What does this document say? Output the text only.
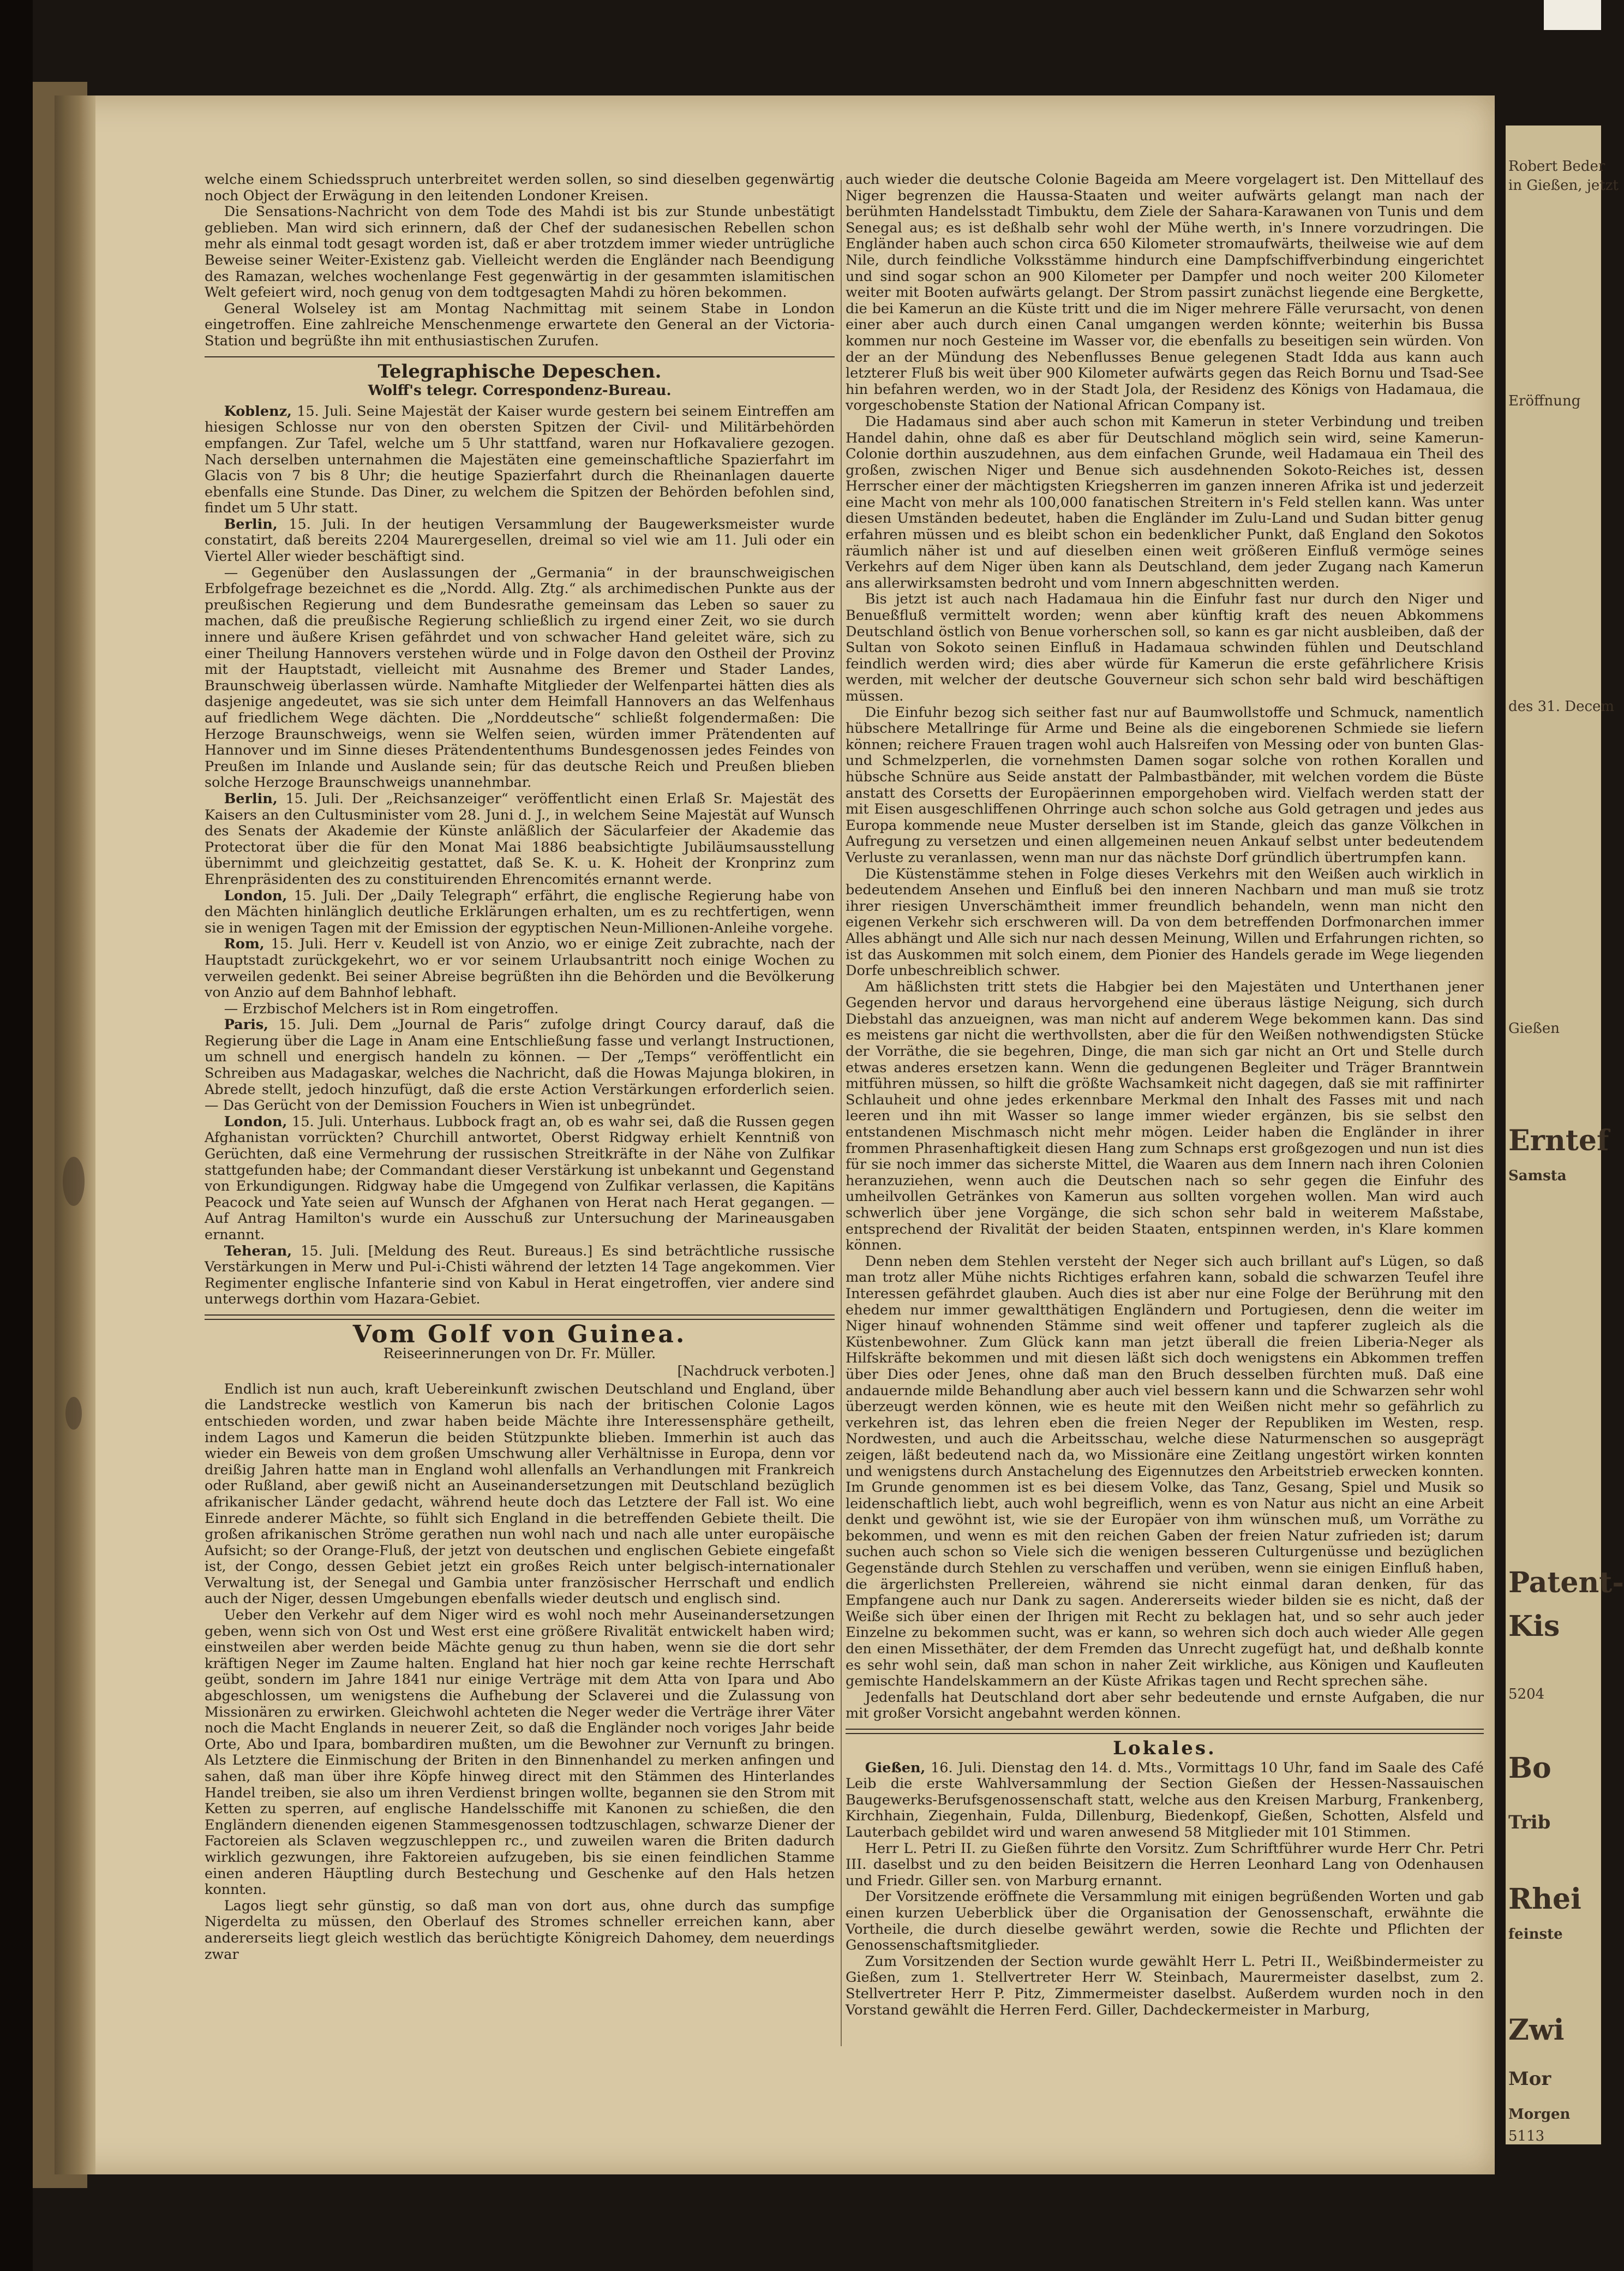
welche einem Schiedsspruch unterbreitet werden sollen, so sind dieselben gegenwärtig noch Object der Erwägung in den leitenden Londoner Kreisen.

Die Sensations-Nachricht von dem Tode des Mahdi ist bis zur Stunde unbestätigt geblieben. Man wird sich erinnern, daß der Chef der sudanesischen Rebellen schon mehr als einmal todt gesagt worden ist, daß er aber trotzdem immer wieder untrügliche Beweise seiner Weiter-Existenz gab. Vielleicht werden die Engländer nach Beendigung des Ramazan, welches wochenlange Fest gegenwärtig in der gesammten islamitischen Welt gefeiert wird, noch genug von dem todtgesagten Mahdi zu hören bekommen.

General Wolseley ist am Montag Nachmittag mit seinem Stabe in London eingetroffen. Eine zahlreiche Menschenmenge erwartete den General an der Victoria-Station und begrüßte ihn mit enthusiastischen Zurufen.

Telegraphische Depeschen.
Wolff's telegr. Correspondenz-Bureau.

Koblenz, 15. Juli. Seine Majestät der Kaiser wurde gestern bei seinem Eintreffen am hiesigen Schlosse nur von den obersten Spitzen der Civil- und Militärbehörden empfangen. Zur Tafel, welche um 5 Uhr stattfand, waren nur Hofkavaliere gezogen. Nach derselben unternahmen die Majestäten eine gemeinschaftliche Spazierfahrt im Glacis von 7 bis 8 Uhr; die heutige Spazierfahrt durch die Rheinanlagen dauerte ebenfalls eine Stunde. Das Diner, zu welchem die Spitzen der Behörden befohlen sind, findet um 5 Uhr statt.

Berlin, 15. Juli. In der heutigen Versammlung der Baugewerksmeister wurde constatirt, daß bereits 2204 Maurergesellen, dreimal so viel wie am 11. Juli oder ein Viertel Aller wieder beschäftigt sind.

— Gegenüber den Auslassungen der „Germania“ in der braunschweigischen Erbfolgefrage bezeichnet es die „Nordd. Allg. Ztg.“ als archimedischen Punkte aus der preußischen Regierung und dem Bundesrathe gemeinsam das Leben so sauer zu machen, daß die preußische Regierung schließlich zu irgend einer Zeit, wo sie durch innere und äußere Krisen gefährdet und von schwacher Hand geleitet wäre, sich zu einer Theilung Hannovers verstehen würde und in Folge davon den Ostheil der Provinz mit der Hauptstadt, vielleicht mit Ausnahme des Bremer und Stader Landes, Braunschweig überlassen würde. Namhafte Mitglieder der Welfenpartei hätten dies als dasjenige angedeutet, was sie sich unter dem Heimfall Hannovers an das Welfenhaus auf friedlichem Wege dächten. Die „Norddeutsche“ schließt folgendermaßen: Die Herzoge Braunschweigs, wenn sie Welfen seien, würden immer Prätendenten auf Hannover und im Sinne dieses Prätendententhums Bundesgenossen jedes Feindes von Preußen im Inlande und Auslande sein; für das deutsche Reich und Preußen blieben solche Herzoge Braunschweigs unannehmbar.

Berlin, 15. Juli. Der „Reichsanzeiger“ veröffentlicht einen Erlaß Sr. Majestät des Kaisers an den Cultusminister vom 28. Juni d. J., in welchem Seine Majestät auf Wunsch des Senats der Akademie der Künste anläßlich der Säcularfeier der Akademie das Protectorat über die für den Monat Mai 1886 beabsichtigte Jubiläumsausstellung übernimmt und gleichzeitig gestattet, daß Se. K. u. K. Hoheit der Kronprinz zum Ehrenpräsidenten des zu constituirenden Ehrencomités ernannt werde.

London, 15. Juli. Der „Daily Telegraph“ erfährt, die englische Regierung habe von den Mächten hinlänglich deutliche Erklärungen erhalten, um es zu rechtfertigen, wenn sie in wenigen Tagen mit der Emission der egyptischen Neun-Millionen-Anleihe vorgehe.

Rom, 15. Juli. Herr v. Keudell ist von Anzio, wo er einige Zeit zubrachte, nach der Hauptstadt zurückgekehrt, wo er vor seinem Urlaubsantritt noch einige Wochen zu verweilen gedenkt. Bei seiner Abreise begrüßten ihn die Behörden und die Bevölkerung von Anzio auf dem Bahnhof lebhaft.

— Erzbischof Melchers ist in Rom eingetroffen.

Paris, 15. Juli. Dem „Journal de Paris“ zufolge dringt Courcy darauf, daß die Regierung über die Lage in Anam eine Entschließung fasse und verlangt Instructionen, um schnell und energisch handeln zu können. — Der „Temps“ veröffentlicht ein Schreiben aus Madagaskar, welches die Nachricht, daß die Howas Majunga blokiren, in Abrede stellt, jedoch hinzufügt, daß die erste Action Verstärkungen erforderlich seien. — Das Gerücht von der Demission Fouchers in Wien ist unbegründet.

London, 15. Juli. Unterhaus. Lubbock fragt an, ob es wahr sei, daß die Russen gegen Afghanistan vorrückten? Churchill antwortet, Oberst Ridgway erhielt Kenntniß von Gerüchten, daß eine Vermehrung der russischen Streitkräfte in der Nähe von Zulfikar stattgefunden habe; der Commandant dieser Verstärkung ist unbekannt und Gegenstand von Erkundigungen. Ridgway habe die Umgegend von Zulfikar verlassen, die Kapitäns Peacock und Yate seien auf Wunsch der Afghanen von Herat nach Herat gegangen. — Auf Antrag Hamilton's wurde ein Ausschuß zur Untersuchung der Marineausgaben ernannt.

Teheran, 15. Juli. [Meldung des Reut. Bureaus.] Es sind beträchtliche russische Verstärkungen in Merw und Pul-i-Chisti während der letzten 14 Tage angekommen. Vier Regimenter englische Infanterie sind von Kabul in Herat eingetroffen, vier andere sind unterwegs dorthin vom Hazara-Gebiet.

Vom Golf von Guinea.
Reiseerinnerungen von Dr. Fr. Müller.
[Nachdruck verboten.]

Endlich ist nun auch, kraft Uebereinkunft zwischen Deutschland und England, über die Landstrecke westlich von Kamerun bis nach der britischen Colonie Lagos entschieden worden, und zwar haben beide Mächte ihre Interessensphäre getheilt, indem Lagos und Kamerun die beiden Stützpunkte blieben. Immerhin ist auch das wieder ein Beweis von dem großen Umschwung aller Verhältnisse in Europa, denn vor dreißig Jahren hatte man in England wohl allenfalls an Verhandlungen mit Frankreich oder Rußland, aber gewiß nicht an Auseinandersetzungen mit Deutschland bezüglich afrikanischer Länder gedacht, während heute doch das Letztere der Fall ist. Wo eine Einrede anderer Mächte, so fühlt sich England in die betreffenden Gebiete theilt. Die großen afrikanischen Ströme gerathen nun wohl nach und nach alle unter europäische Aufsicht; so der Orange-Fluß, der jetzt von deutschen und englischen Gebiete eingefaßt ist, der Congo, dessen Gebiet jetzt ein großes Reich unter belgisch-internationaler Verwaltung ist, der Senegal und Gambia unter französischer Herrschaft und endlich auch der Niger, dessen Umgebungen ebenfalls wieder deutsch und englisch sind.

Ueber den Verkehr auf dem Niger wird es wohl noch mehr Auseinandersetzungen geben, wenn sich von Ost und West erst eine größere Rivalität entwickelt haben wird; einstweilen aber werden beide Mächte genug zu thun haben, wenn sie die dort sehr kräftigen Neger im Zaume halten. England hat hier noch gar keine rechte Herrschaft geübt, sondern im Jahre 1841 nur einige Verträge mit dem Atta von Ipara und Abo abgeschlossen, um wenigstens die Aufhebung der Sclaverei und die Zulassung von Missionären zu erwirken. Gleichwohl achteten die Neger weder die Verträge ihrer Väter noch die Macht Englands in neuerer Zeit, so daß die Engländer noch voriges Jahr beide Orte, Abo und Ipara, bombardiren mußten, um die Bewohner zur Vernunft zu bringen. Als Letztere die Einmischung der Briten in den Binnenhandel zu merken anfingen und sahen, daß man über ihre Köpfe hinweg direct mit den Stämmen des Hinterlandes Handel treiben, sie also um ihren Verdienst bringen wollte, begannen sie den Strom mit Ketten zu sperren, auf englische Handelsschiffe mit Kanonen zu schießen, die den Engländern dienenden eigenen Stammesgenossen todtzuschlagen, schwarze Diener der Factoreien als Sclaven wegzuschleppen rc., und zuweilen waren die Briten dadurch wirklich gezwungen, ihre Faktoreien aufzugeben, bis sie einen feindlichen Stamme einen anderen Häuptling durch Bestechung und Geschenke auf den Hals hetzen konnten.

Lagos liegt sehr günstig, so daß man von dort aus, ohne durch das sumpfige Nigerdelta zu müssen, den Oberlauf des Stromes schneller erreichen kann, aber andererseits liegt gleich westlich das berüchtigte Königreich Dahomey, dem neuerdings zwar

auch wieder die deutsche Colonie Bageida am Meere vorgelagert ist. Den Mittellauf des Niger begrenzen die Haussa-Staaten und weiter aufwärts gelangt man nach der berühmten Handelsstadt Timbuktu, dem Ziele der Sahara-Karawanen von Tunis und dem Senegal aus; es ist deßhalb sehr wohl der Mühe werth, in's Innere vorzudringen. Die Engländer haben auch schon circa 650 Kilometer stromaufwärts, theilweise wie auf dem Nile, durch feindliche Volksstämme hindurch eine Dampfschiffverbindung eingerichtet und sind sogar schon an 900 Kilometer per Dampfer und noch weiter 200 Kilometer weiter mit Booten aufwärts gelangt. Der Strom passirt zunächst liegende eine Bergkette, die bei Kamerun an die Küste tritt und die im Niger mehrere Fälle verursacht, von denen einer aber auch durch einen Canal umgangen werden könnte; weiterhin bis Bussa kommen nur noch Gesteine im Wasser vor, die ebenfalls zu beseitigen sein würden. Von der an der Mündung des Nebenflusses Benue gelegenen Stadt Idda aus kann auch letzterer Fluß bis weit über 900 Kilometer aufwärts gegen das Reich Bornu und Tsad-See hin befahren werden, wo in der Stadt Jola, der Residenz des Königs von Hadamaua, die vorgeschobenste Station der National African Company ist.

Die Hadamaus sind aber auch schon mit Kamerun in steter Verbindung und treiben Handel dahin, ohne daß es aber für Deutschland möglich sein wird, seine Kamerun-Colonie dorthin auszudehnen, aus dem einfachen Grunde, weil Hadamaua ein Theil des großen, zwischen Niger und Benue sich ausdehnenden Sokoto-Reiches ist, dessen Herrscher einer der mächtigsten Kriegsherren im ganzen inneren Afrika ist und jederzeit eine Macht von mehr als 100,000 fanatischen Streitern in's Feld stellen kann. Was unter diesen Umständen bedeutet, haben die Engländer im Zulu-Land und Sudan bitter genug erfahren müssen und es bleibt schon ein bedenklicher Punkt, daß England den Sokotos räumlich näher ist und auf dieselben einen weit größeren Einfluß vermöge seines Verkehrs auf dem Niger üben kann als Deutschland, dem jeder Zugang nach Kamerun ans allerwirksamsten bedroht und vom Innern abgeschnitten werden.

Bis jetzt ist auch nach Hadamaua hin die Einfuhr fast nur durch den Niger und Benueßfluß vermittelt worden; wenn aber künftig kraft des neuen Abkommens Deutschland östlich von Benue vorherschen soll, so kann es gar nicht ausbleiben, daß der Sultan von Sokoto seinen Einfluß in Hadamaua schwinden fühlen und Deutschland feindlich werden wird; dies aber würde für Kamerun die erste gefährlichere Krisis werden, mit welcher der deutsche Gouverneur sich schon sehr bald wird beschäftigen müssen.

Die Einfuhr bezog sich seither fast nur auf Baumwollstoffe und Schmuck, namentlich hübschere Metallringe für Arme und Beine als die eingeborenen Schmiede sie liefern können; reichere Frauen tragen wohl auch Halsreifen von Messing oder von bunten Glas- und Schmelzperlen, die vornehmsten Damen sogar solche von rothen Korallen und hübsche Schnüre aus Seide anstatt der Palmbastbänder, mit welchen vordem die Büste anstatt des Corsetts der Europäerinnen emporgehoben wird. Vielfach werden statt der mit Eisen ausgeschliffenen Ohrringe auch schon solche aus Gold getragen und jedes aus Europa kommende neue Muster derselben ist im Stande, gleich das ganze Völkchen in Aufregung zu versetzen und einen allgemeinen neuen Ankauf selbst unter bedeutendem Verluste zu veranlassen, wenn man nur das nächste Dorf gründlich übertrumpfen kann.

Die Küstenstämme stehen in Folge dieses Verkehrs mit den Weißen auch wirklich in bedeutendem Ansehen und Einfluß bei den inneren Nachbarn und man muß sie trotz ihrer riesigen Unverschämtheit immer freundlich behandeln, wenn man nicht den eigenen Verkehr sich erschweren will. Da von dem betreffenden Dorfmonarchen immer Alles abhängt und Alle sich nur nach dessen Meinung, Willen und Erfahrungen richten, so ist das Auskommen mit solch einem, dem Pionier des Handels gerade im Wege liegenden Dorfe unbeschreiblich schwer.

Am häßlichsten tritt stets die Habgier bei den Majestäten und Unterthanen jener Gegenden hervor und daraus hervorgehend eine überaus lästige Neigung, sich durch Diebstahl das anzueignen, was man nicht auf anderem Wege bekommen kann. Das sind es meistens gar nicht die werthvollsten, aber die für den Weißen nothwendigsten Stücke der Vorräthe, die sie begehren, Dinge, die man sich gar nicht an Ort und Stelle durch etwas anderes ersetzen kann. Wenn die gedungenen Begleiter und Träger Branntwein mitführen müssen, so hilft die größte Wachsamkeit nicht dagegen, daß sie mit raffinirter Schlauheit und ohne jedes erkennbare Merkmal den Inhalt des Fasses mit und nach leeren und ihn mit Wasser so lange immer wieder ergänzen, bis sie selbst den entstandenen Mischmasch nicht mehr mögen. Leider haben die Engländer in ihrer frommen Phrasenhaftigkeit diesen Hang zum Schnaps erst großgezogen und nun ist dies für sie noch immer das sicherste Mittel, die Waaren aus dem Innern nach ihren Colonien heranzuziehen, wenn auch die Deutschen nach so sehr gegen die Einfuhr des umheilvollen Getränkes von Kamerun aus sollten vorgehen wollen. Man wird auch schwerlich über jene Vorgänge, die sich schon sehr bald in weiterem Maßstabe, entsprechend der Rivalität der beiden Staaten, entspinnen werden, in's Klare kommen können.

Denn neben dem Stehlen versteht der Neger sich auch brillant auf's Lügen, so daß man trotz aller Mühe nichts Richtiges erfahren kann, sobald die schwarzen Teufel ihre Interessen gefährdet glauben. Auch dies ist aber nur eine Folge der Berührung mit den ehedem nur immer gewaltthätigen Engländern und Portugiesen, denn die weiter im Niger hinauf wohnenden Stämme sind weit offener und tapferer zugleich als die Küstenbewohner. Zum Glück kann man jetzt überall die freien Liberia-Neger als Hilfskräfte bekommen und mit diesen läßt sich doch wenigstens ein Abkommen treffen über Dies oder Jenes, ohne daß man den Bruch desselben fürchten muß. Daß eine andauernde milde Behandlung aber auch viel bessern kann und die Schwarzen sehr wohl überzeugt werden können, wie es heute mit den Weißen nicht mehr so gefährlich zu verkehren ist, das lehren eben die freien Neger der Republiken im Westen, resp. Nordwesten, und auch die Arbeitsschau, welche diese Naturmenschen so ausgeprägt zeigen, läßt bedeutend nach da, wo Missionäre eine Zeitlang ungestört wirken konnten und wenigstens durch Anstachelung des Eigennutzes den Arbeitstrieb erwecken konnten. Im Grunde genommen ist es bei diesem Volke, das Tanz, Gesang, Spiel und Musik so leidenschaftlich liebt, auch wohl begreiflich, wenn es von Natur aus nicht an eine Arbeit denkt und gewöhnt ist, wie sie der Europäer von ihm wünschen muß, um Vorräthe zu bekommen, und wenn es mit den reichen Gaben der freien Natur zufrieden ist; darum suchen auch schon so Viele sich die wenigen besseren Culturgenüsse und bezüglichen Gegenstände durch Stehlen zu verschaffen und verüben, wenn sie einigen Einfluß haben, die ärgerlichsten Prellereien, während sie nicht einmal daran denken, für das Empfangene auch nur Dank zu sagen. Andererseits wieder bilden sie es nicht, daß der Weiße sich über einen der Ihrigen mit Recht zu beklagen hat, und so sehr auch jeder Einzelne zu bekommen sucht, was er kann, so wehren sich doch auch wieder Alle gegen den einen Missethäter, der dem Fremden das Unrecht zugefügt hat, und deßhalb konnte es sehr wohl sein, daß man schon in naher Zeit wirkliche, aus Königen und Kaufleuten gemischte Handelskammern an der Küste Afrikas tagen und Recht sprechen sähe.

Jedenfalls hat Deutschland dort aber sehr bedeutende und ernste Aufgaben, die nur mit großer Vorsicht angebahnt werden können.

Lokales.

Gießen, 16. Juli. Dienstag den 14. d. Mts., Vormittags 10 Uhr, fand im Saale des Café Leib die erste Wahlversammlung der Section Gießen der Hessen-Nassauischen Baugewerks-Berufsgenossenschaft statt, welche aus den Kreisen Marburg, Frankenberg, Kirchhain, Ziegenhain, Fulda, Dillenburg, Biedenkopf, Gießen, Schotten, Alsfeld und Lauterbach gebildet wird und waren anwesend 58 Mitglieder mit 101 Stimmen.

Herr L. Petri II. zu Gießen führte den Vorsitz. Zum Schriftführer wurde Herr Chr. Petri III. daselbst und zu den beiden Beisitzern die Herren Leonhard Lang von Odenhausen und Friedr. Giller sen. von Marburg ernannt.

Der Vorsitzende eröffnete die Versammlung mit einigen begrüßenden Worten und gab einen kurzen Ueberblick über die Organisation der Genossenschaft, erwähnte die Vortheile, die durch dieselbe gewährt werden, sowie die Rechte und Pflichten der Genossenschaftsmitglieder.

Zum Vorsitzenden der Section wurde gewählt Herr L. Petri II., Weißbindermeister zu Gießen, zum 1. Stellvertreter Herr W. Steinbach, Maurermeister daselbst, zum 2. Stellvertreter Herr P. Pitz, Zimmermeister daselbst. Außerdem wurden noch in den Vorstand gewählt die Herren Ferd. Giller, Dachdeckermeister in Marburg,

Robert Beder
in Gießen, jetzt
Eröffnung
des 31. Decem
Gießen
Erntef
Samsta
Patent-
Kis
5204
Bo
Trib
Rhei
feinste
Zwi
Mor
Morgen
5113
